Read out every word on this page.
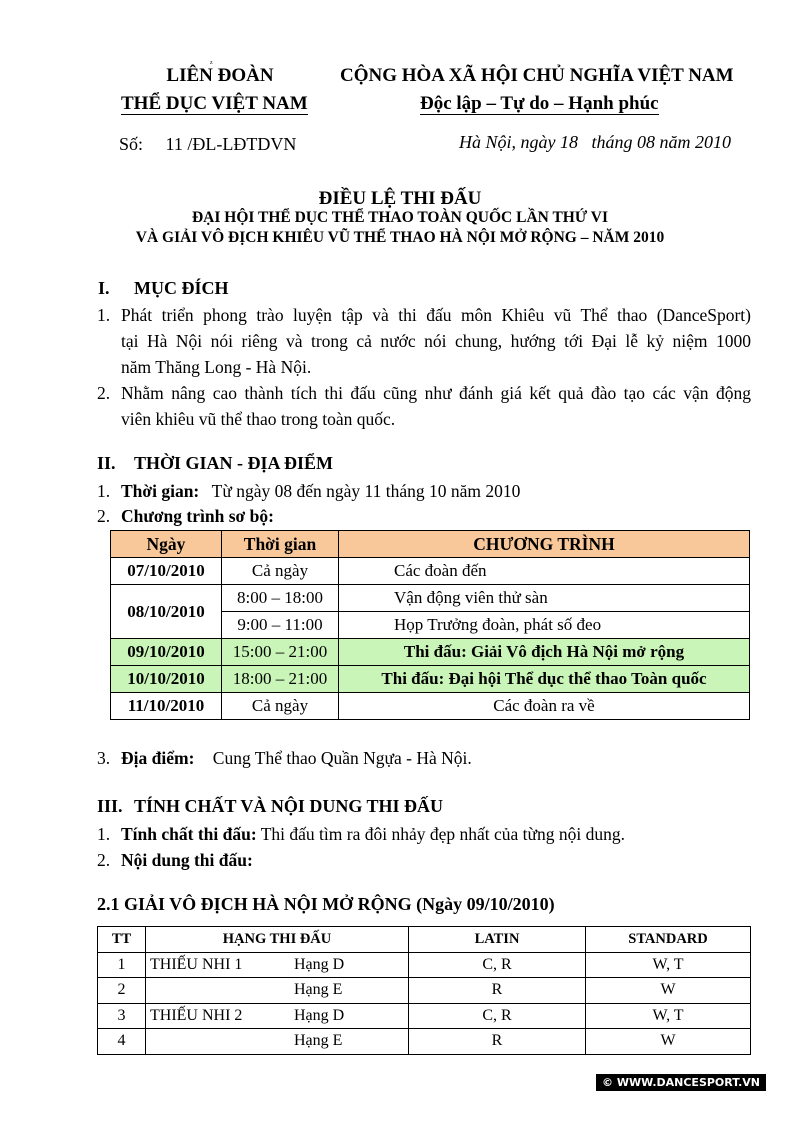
z
LIÊN ĐOÀN
THỂ DỤC VIỆT NAM
CỘNG HÒA XÃ HỘI CHỦ NGHĨA VIỆT NAM
Độc lập – Tự do – Hạnh phúc
Số: 11 /ĐL-LĐTDVN	Hà Nội, ngày 18   tháng 08 năm 2010
ĐIỀU LỆ THI ĐẤU
ĐẠI HỘI THỂ DỤC THỂ THAO TOÀN QUỐC LẦN THỨ VI
VÀ GIẢI VÔ ĐỊCH KHIÊU VŨ THỂ THAO HÀ NỘI MỞ RỘNG – NĂM 2010
I. MỤC ĐÍCH
1. Phát triển phong trào luyện tập và thi đấu môn Khiêu vũ Thể thao (DanceSport)
tại Hà Nội nói riêng và trong cả nước nói chung, hướng tới Đại lễ kỷ niệm 1000
năm Thăng Long - Hà Nội.
2. Nhằm nâng cao thành tích thi đấu cũng như đánh giá kết quả đào tạo các vận động
viên khiêu vũ thể thao trong toàn quốc.
II. THỜI GIAN - ĐỊA ĐIỂM
1. Thời gian: Từ ngày 08 đến ngày 11 tháng 10 năm 2010
2. Chương trình sơ bộ:
Ngày	Thời gian	CHƯƠNG TRÌNH
07/10/2010	Cả ngày	Các đoàn đến
08/10/2010	8:00 – 18:00	Vận động viên thử sàn
	9:00 – 11:00	Họp Trưởng đoàn, phát số đeo
09/10/2010	15:00 – 21:00	Thi đấu: Giải Vô địch Hà Nội mở rộng
10/10/2010	18:00 – 21:00	Thi đấu: Đại hội Thể dục thể thao Toàn quốc
11/10/2010	Cả ngày	Các đoàn ra về
3. Địa điểm: Cung Thể thao Quần Ngựa - Hà Nội.
III. TÍNH CHẤT VÀ NỘI DUNG THI ĐẤU
1. Tính chất thi đấu: Thi đấu tìm ra đôi nhảy đẹp nhất của từng nội dung.
2. Nội dung thi đấu:
2.1 GIẢI VÔ ĐỊCH HÀ NỘI MỞ RỘNG (Ngày 09/10/2010)
TT	HẠNG THI ĐẤU	LATIN	STANDARD
1	THIẾU NHI 1 Hạng D	C, R	W, T
2	Hạng E	R	W
3	THIẾU NHI 2 Hạng D	C, R	W, T
4	Hạng E	R	W
© WWW.DANCESPORT.VN
